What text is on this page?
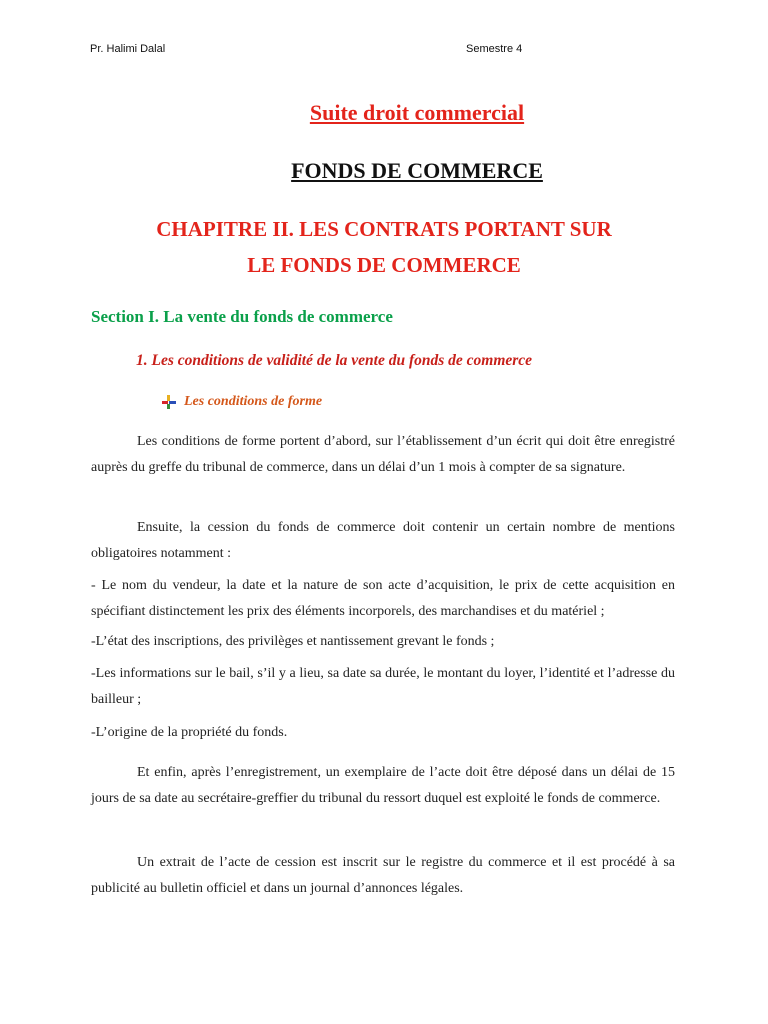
Pr. Halimi Dalal	Semestre 4
Suite droit commercial
FONDS DE COMMERCE
CHAPITRE II. LES CONTRATS PORTANT SUR
LE FONDS DE COMMERCE
Section I. La vente du fonds de commerce
1. Les conditions de validité de la vente du fonds de commerce
Les conditions de forme
Les conditions de forme portent d’abord, sur l’établissement d’un écrit qui doit être enregistré auprès du greffe du tribunal de commerce, dans un délai d’un 1 mois à compter de sa signature.
Ensuite, la cession du fonds de commerce doit contenir un certain nombre de mentions obligatoires notamment :
- Le nom du vendeur, la date et la nature de son acte d’acquisition, le prix de cette acquisition en spécifiant distinctement les prix des éléments incorporels, des marchandises et du matériel ;
-L’état des inscriptions, des privilèges et nantissement grevant le fonds ;
-Les informations sur le bail, s’il y a lieu, sa date sa durée, le montant du loyer, l’identité et l’adresse du bailleur ;
-L’origine de la propriété du fonds.
Et enfin, après l’enregistrement, un exemplaire de l’acte doit être déposé dans un délai de 15 jours de sa date au secrétaire-greffier du tribunal du ressort duquel est exploité le fonds de commerce.
Un extrait de l’acte de cession est inscrit sur le registre du commerce et il est procédé à sa publicité au bulletin officiel et dans un journal d’annonces légales.
